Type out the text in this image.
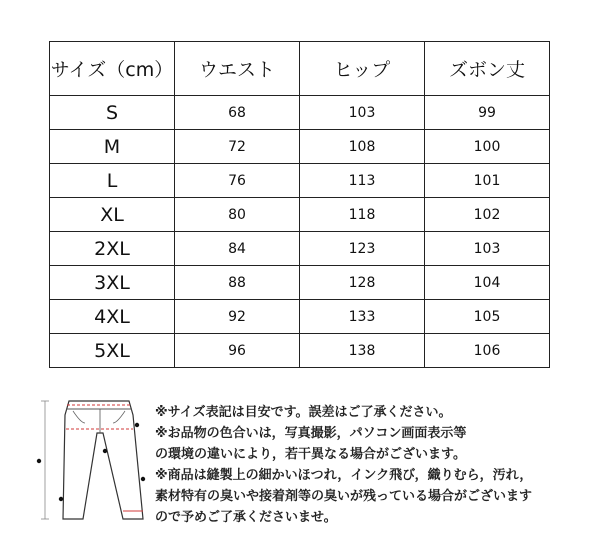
サイズ（cm）	ウエスト	ヒップ	ズボン丈
S	68	103	99
M	72	108	100
L	76	113	101
XL	80	118	102
2XL	84	123	103
3XL	88	128	104
4XL	92	133	105
5XL	96	138	106
※サイズ表記は目安です。誤差はご了承ください。
※お品物の色合いは，写真撮影，パソコン画面表示等
の環境の違いにより，若干異なる場合がございます。
※商品は縫製上の細かいほつれ，インク飛び，織りむら，汚れ，
素材特有の臭いや接着剤等の臭いが残っている場合がございます
ので予めご了承くださいませ。
